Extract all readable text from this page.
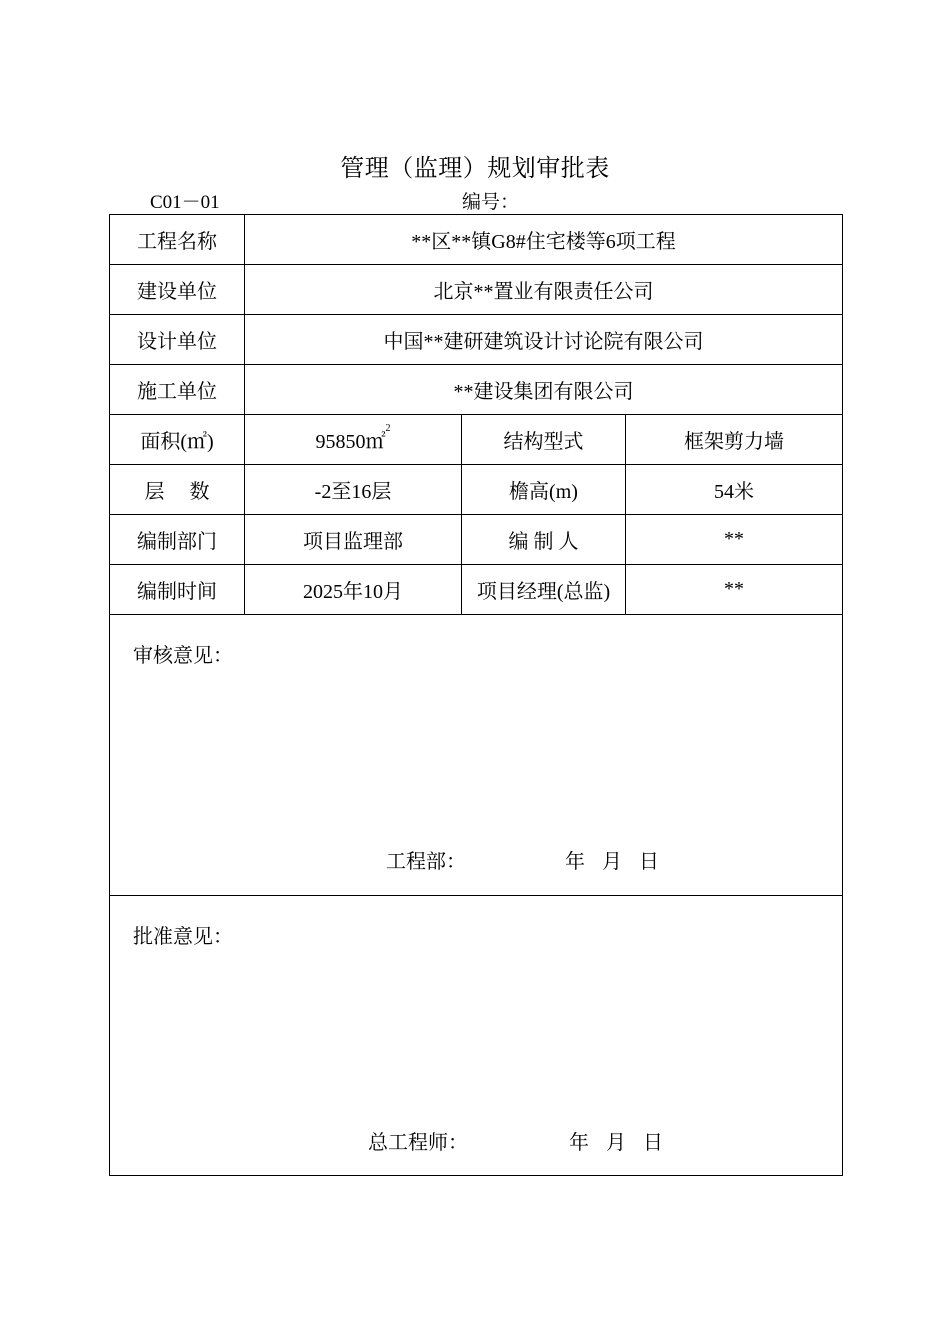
管理（监理）规划审批表
C01－01	编号：
工程名称	**区**镇G8#住宅楼等6项工程		
建设单位	北京**置业有限责任公司		
设计单位	中国**建研建筑设计讨论院有限公司		
施工单位	**建设集团有限公司		
面积(㎡)	95850㎡$^2$	结构型式	框架剪力墙
层　 数	-2至16层	檐高(m)	54米
编制部门	项目监理部	编 制 人	**
编制时间	2025年10月	项目经理(总监)	**

审核意见：
工程部： 年 月 日			

批准意见：
总工程师： 年 月 日			
